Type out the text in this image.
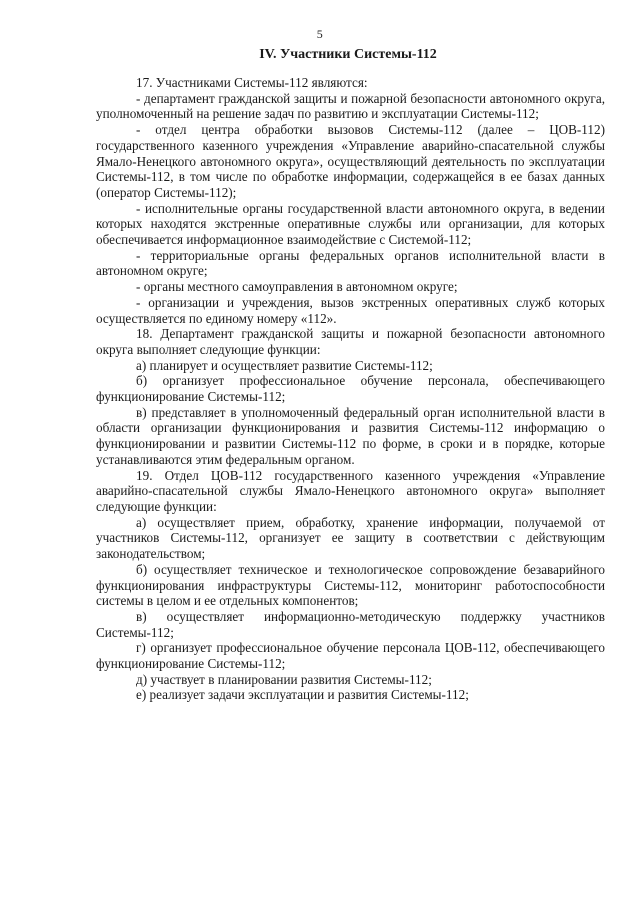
5
IV. Участники Системы-112

17. Участниками Системы-112 являются:

- департамент гражданской защиты и пожарной безопасности автономного округа, уполномоченный на решение задач по развитию и эксплуатации Системы-112;

- отдел центра обработки вызовов Системы-112 (далее – ЦОВ-112) государственного казенного учреждения «Управление аварийно-спасательной службы Ямало-Ненецкого автономного округа», осуществляющий деятельность по эксплуатации Системы-112, в том числе по обработке информации, содержащейся в ее базах данных (оператор Системы-112);

- исполнительные органы государственной власти автономного округа, в ведении которых находятся экстренные оперативные службы или организации, для которых обеспечивается информационное взаимодействие с Системой-112;

- территориальные органы федеральных органов исполнительной власти в автономном округе;

- органы местного самоуправления в автономном округе;

- организации и учреждения, вызов экстренных оперативных служб которых осуществляется по единому номеру «112».

18. Департамент гражданской защиты и пожарной безопасности автономного округа выполняет следующие функции:

а) планирует и осуществляет развитие Системы-112;

б) организует профессиональное обучение персонала, обеспечивающего функционирование Системы-112;

в) представляет в уполномоченный федеральный орган исполнительной власти в области организации функционирования и развития Системы-112 информацию о функционировании и развитии Системы-112 по форме, в сроки и в порядке, которые устанавливаются этим федеральным органом.

19. Отдел ЦОВ-112 государственного казенного учреждения «Управление аварийно-спасательной службы Ямало-Ненецкого автономного округа» выполняет следующие функции:

а) осуществляет прием, обработку, хранение информации, получаемой от участников Системы-112, организует ее защиту в соответствии с действующим законодательством;

б) осуществляет техническое и технологическое сопровождение безаварийного функционирования инфраструктуры Системы-112, мониторинг работоспособности системы в целом и ее отдельных компонентов;

в) осуществляет информационно-методическую поддержку участников Системы-112;

г) организует профессиональное обучение персонала ЦОВ-112, обеспечивающего функционирование Системы-112;

д) участвует в планировании развития Системы-112;

е) реализует задачи эксплуатации и развития Системы-112;
